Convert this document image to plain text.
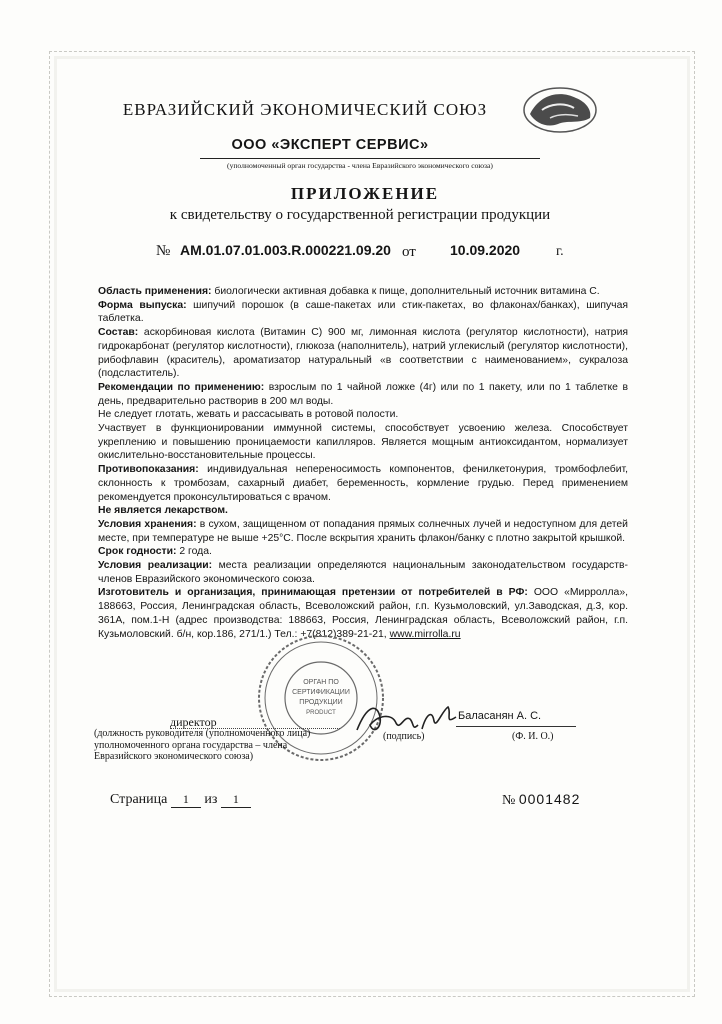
ЕВРАЗИЙСКИЙ ЭКОНОМИЧЕСКИЙ СОЮЗ
ООО «ЭКСПЕРТ СЕРВИС»
(уполномоченный орган государства - члена Евразийского экономического союза)
ПРИЛОЖЕНИЕ
к свидетельству о государственной регистрации продукции
№ AM.01.07.01.003.R.000221.09.20 от 10.09.2020	г.

Область применения: биологически активная добавка к пище, дополнительный источник витамина С.

Форма выпуска: шипучий порошок (в саше-пакетах или стик-пакетах, во флаконах/банках), шипучая таблетка.

Состав: аскорбиновая кислота (Витамин С) 900 мг, лимонная кислота (регулятор кислотности), натрия гидрокарбонат (регулятор кислотности), глюкоза (наполнитель), натрий углекислый (регулятор кислотности), рибофлавин (краситель), ароматизатор натуральный «в соответствии с наименованием», сукралоза (подсластитель).

Рекомендации по применению: взрослым по 1 чайной ложке (4г) или по 1 пакету, или по 1 таблетке в день, предварительно растворив в 200 мл воды.

Не следует глотать, жевать и рассасывать в ротовой полости.

Участвует в функционировании иммунной системы, способствует усвоению железа. Способствует укреплению и повышению проницаемости капилляров. Является мощным антиоксидантом, нормализует окислительно-восстановительные процессы.

Противопоказания: индивидуальная непереносимость компонентов, фенилкетонурия, тромбофлебит, склонность к тромбозам, сахарный диабет, беременность, кормление грудью. Перед применением рекомендуется проконсультироваться с врачом.

Не является лекарством.

Условия хранения: в сухом, защищенном от попадания прямых солнечных лучей и недоступном для детей месте, при температуре не выше +25°С. После вскрытия хранить флакон/банку с плотно закрытой крышкой.

Срок годности: 2 года.

Условия реализации: места реализации определяются национальным законодательством государств-членов Евразийского экономического союза.

Изготовитель и организация, принимающая претензии от потребителей в РФ: ООО «Мирролла», 188663, Россия, Ленинградская область, Всеволожский район, г.п. Кузьмоловский, ул.Заводская, д.3, кор. 361А, пом.1-Н (адрес производства: 188663, Россия, Ленинградская область, Всеволожский район, г.п. Кузьмоловский. б/н, кор.186, 271/1.) Тел.: +7(812)389-21-21, www.mirrolla.ru

ОРГАН ПО
СЕРТИФИКАЦИИ
ПРОДУКЦИИ
PRODUCT
директор	Баласанян А. С.
(должность руководителя (уполномоченного лица) уполномоченного органа государства – члена Евразийского экономического союза)
(подпись)	(Ф. И. О.)
Страница 1 из 1	№ 0001482
